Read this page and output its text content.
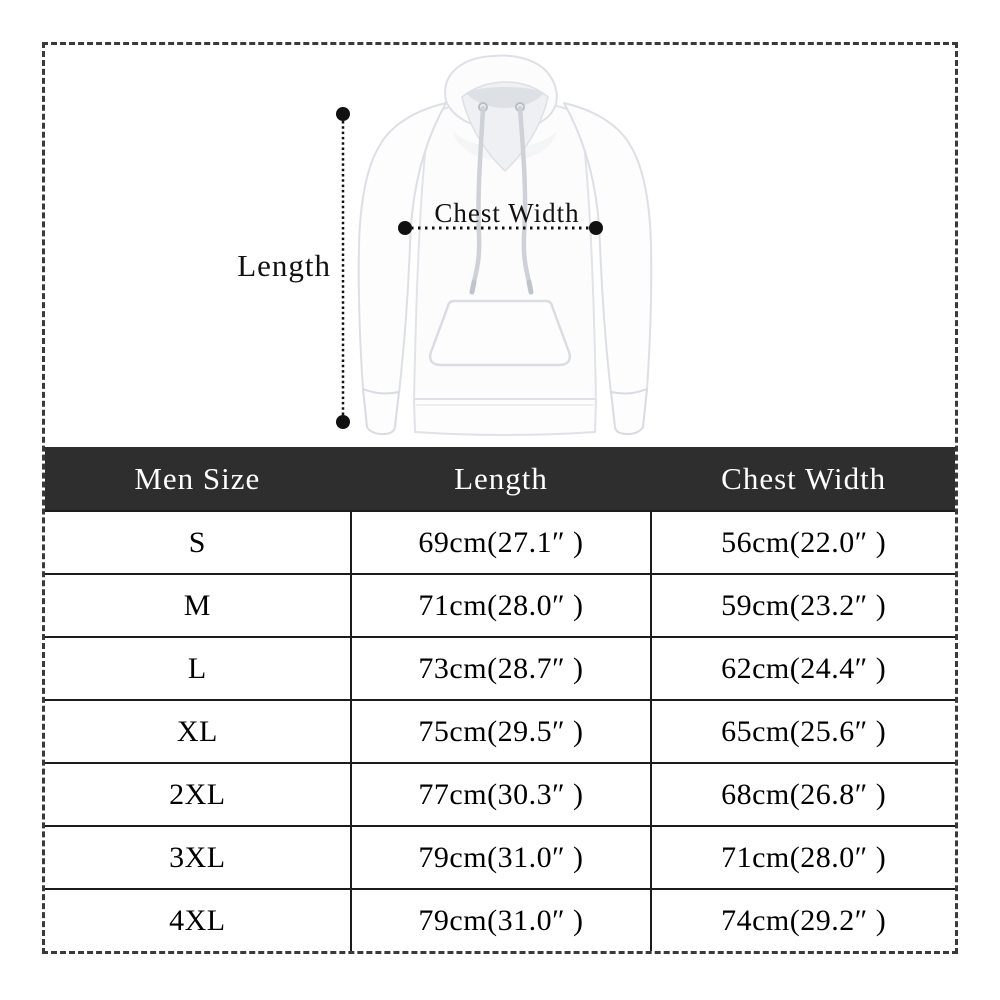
Length
Chest Width
Men Size	Length	Chest Width
S	69cm(27.1″ )	56cm(22.0″ )
M	71cm(28.0″ )	59cm(23.2″ )
L	73cm(28.7″ )	62cm(24.4″ )
XL	75cm(29.5″ )	65cm(25.6″ )
2XL	77cm(30.3″ )	68cm(26.8″ )
3XL	79cm(31.0″ )	71cm(28.0″ )
4XL	79cm(31.0″ )	74cm(29.2″ )
